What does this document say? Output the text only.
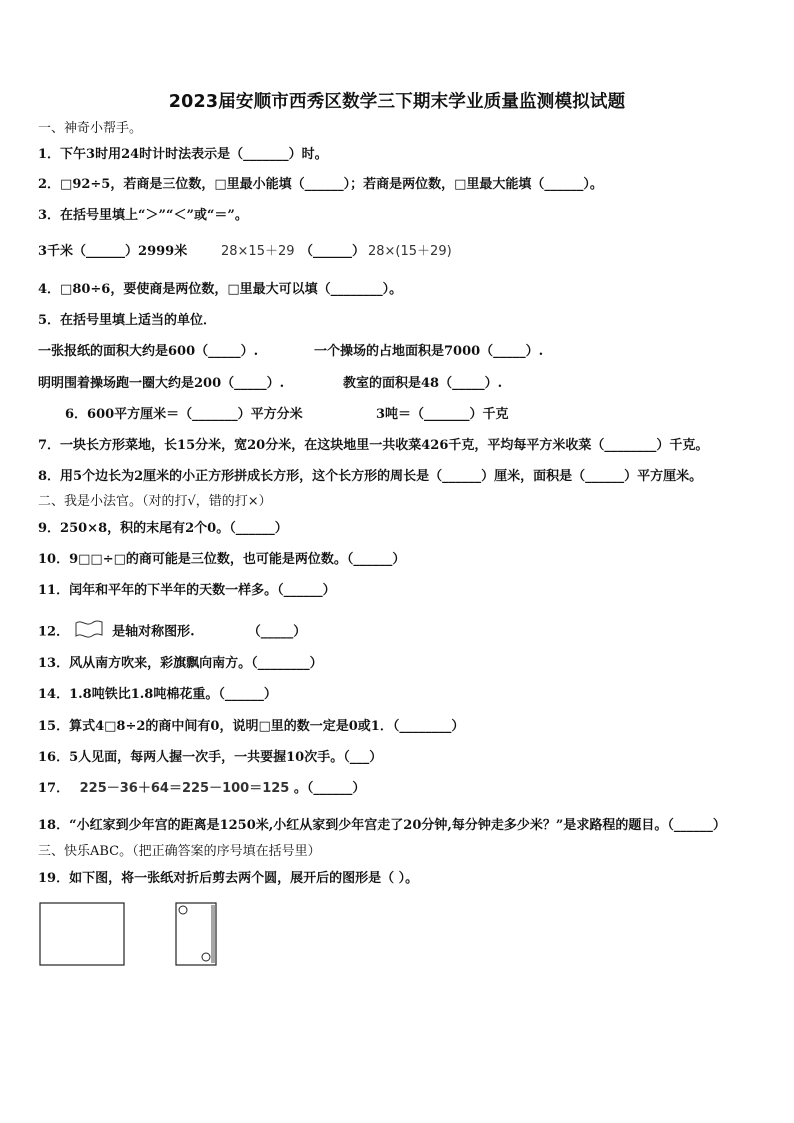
2023届安顺市西秀区数学三下期末学业质量监测模拟试题
一、神奇小帮手。
1．下午3时用24时计时法表示是（_______）时。
2．□92÷5，若商是三位数，□里最小能填（______）；若商是两位数，□里最大能填（______）。
3．在括号里填上“＞”“＜”或“＝”。
3千米（______）2999米	28×15＋29 （______） 28×(15＋29)
4．□80÷6，要使商是两位数，□里最大可以填（________）。
5．在括号里填上适当的单位．
一张报纸的面积大约是600（_____）.	一个操场的占地面积是7000（_____）.
明明围着操场跑一圈大约是200（_____）.	教室的面积是48（_____）.
6．600平方厘米＝（_______）平方分米	3吨＝（_______）千克
7．一块长方形菜地，长15分米，宽20分米，在这块地里一共收菜426千克，平均每平方米收菜（________）千克。
8．用5个边长为2厘米的小正方形拼成长方形，这个长方形的周长是（______）厘米，面积是（______）平方厘米。
二、我是小法官。（对的打√，错的打×）
9．250×8，积的末尾有2个0。（______）
10．9□□÷□的商可能是三位数，也可能是两位数。（______）
11．闰年和平年的下半年的天数一样多。（______）
12．	是轴对称图形.	（_____）
13．风从南方吹来，彩旗飘向南方。（________）
14．1.8吨铁比1.8吨棉花重。（______）
15．算式4□8÷2的商中间有0，说明□里的数一定是0或1．（________）
16．5人见面，每两人握一次手，一共要握10次手。（___）
17． 225－36＋64＝225－100＝125 。（______）
18．“小红家到少年宫的距离是1250米,小红从家到少年宫走了20分钟,每分钟走多少米？”是求路程的题目。（______）
三、快乐ABC。（把正确答案的序号填在括号里）
19．如下图，将一张纸对折后剪去两个圆，展开后的图形是（ ）。
